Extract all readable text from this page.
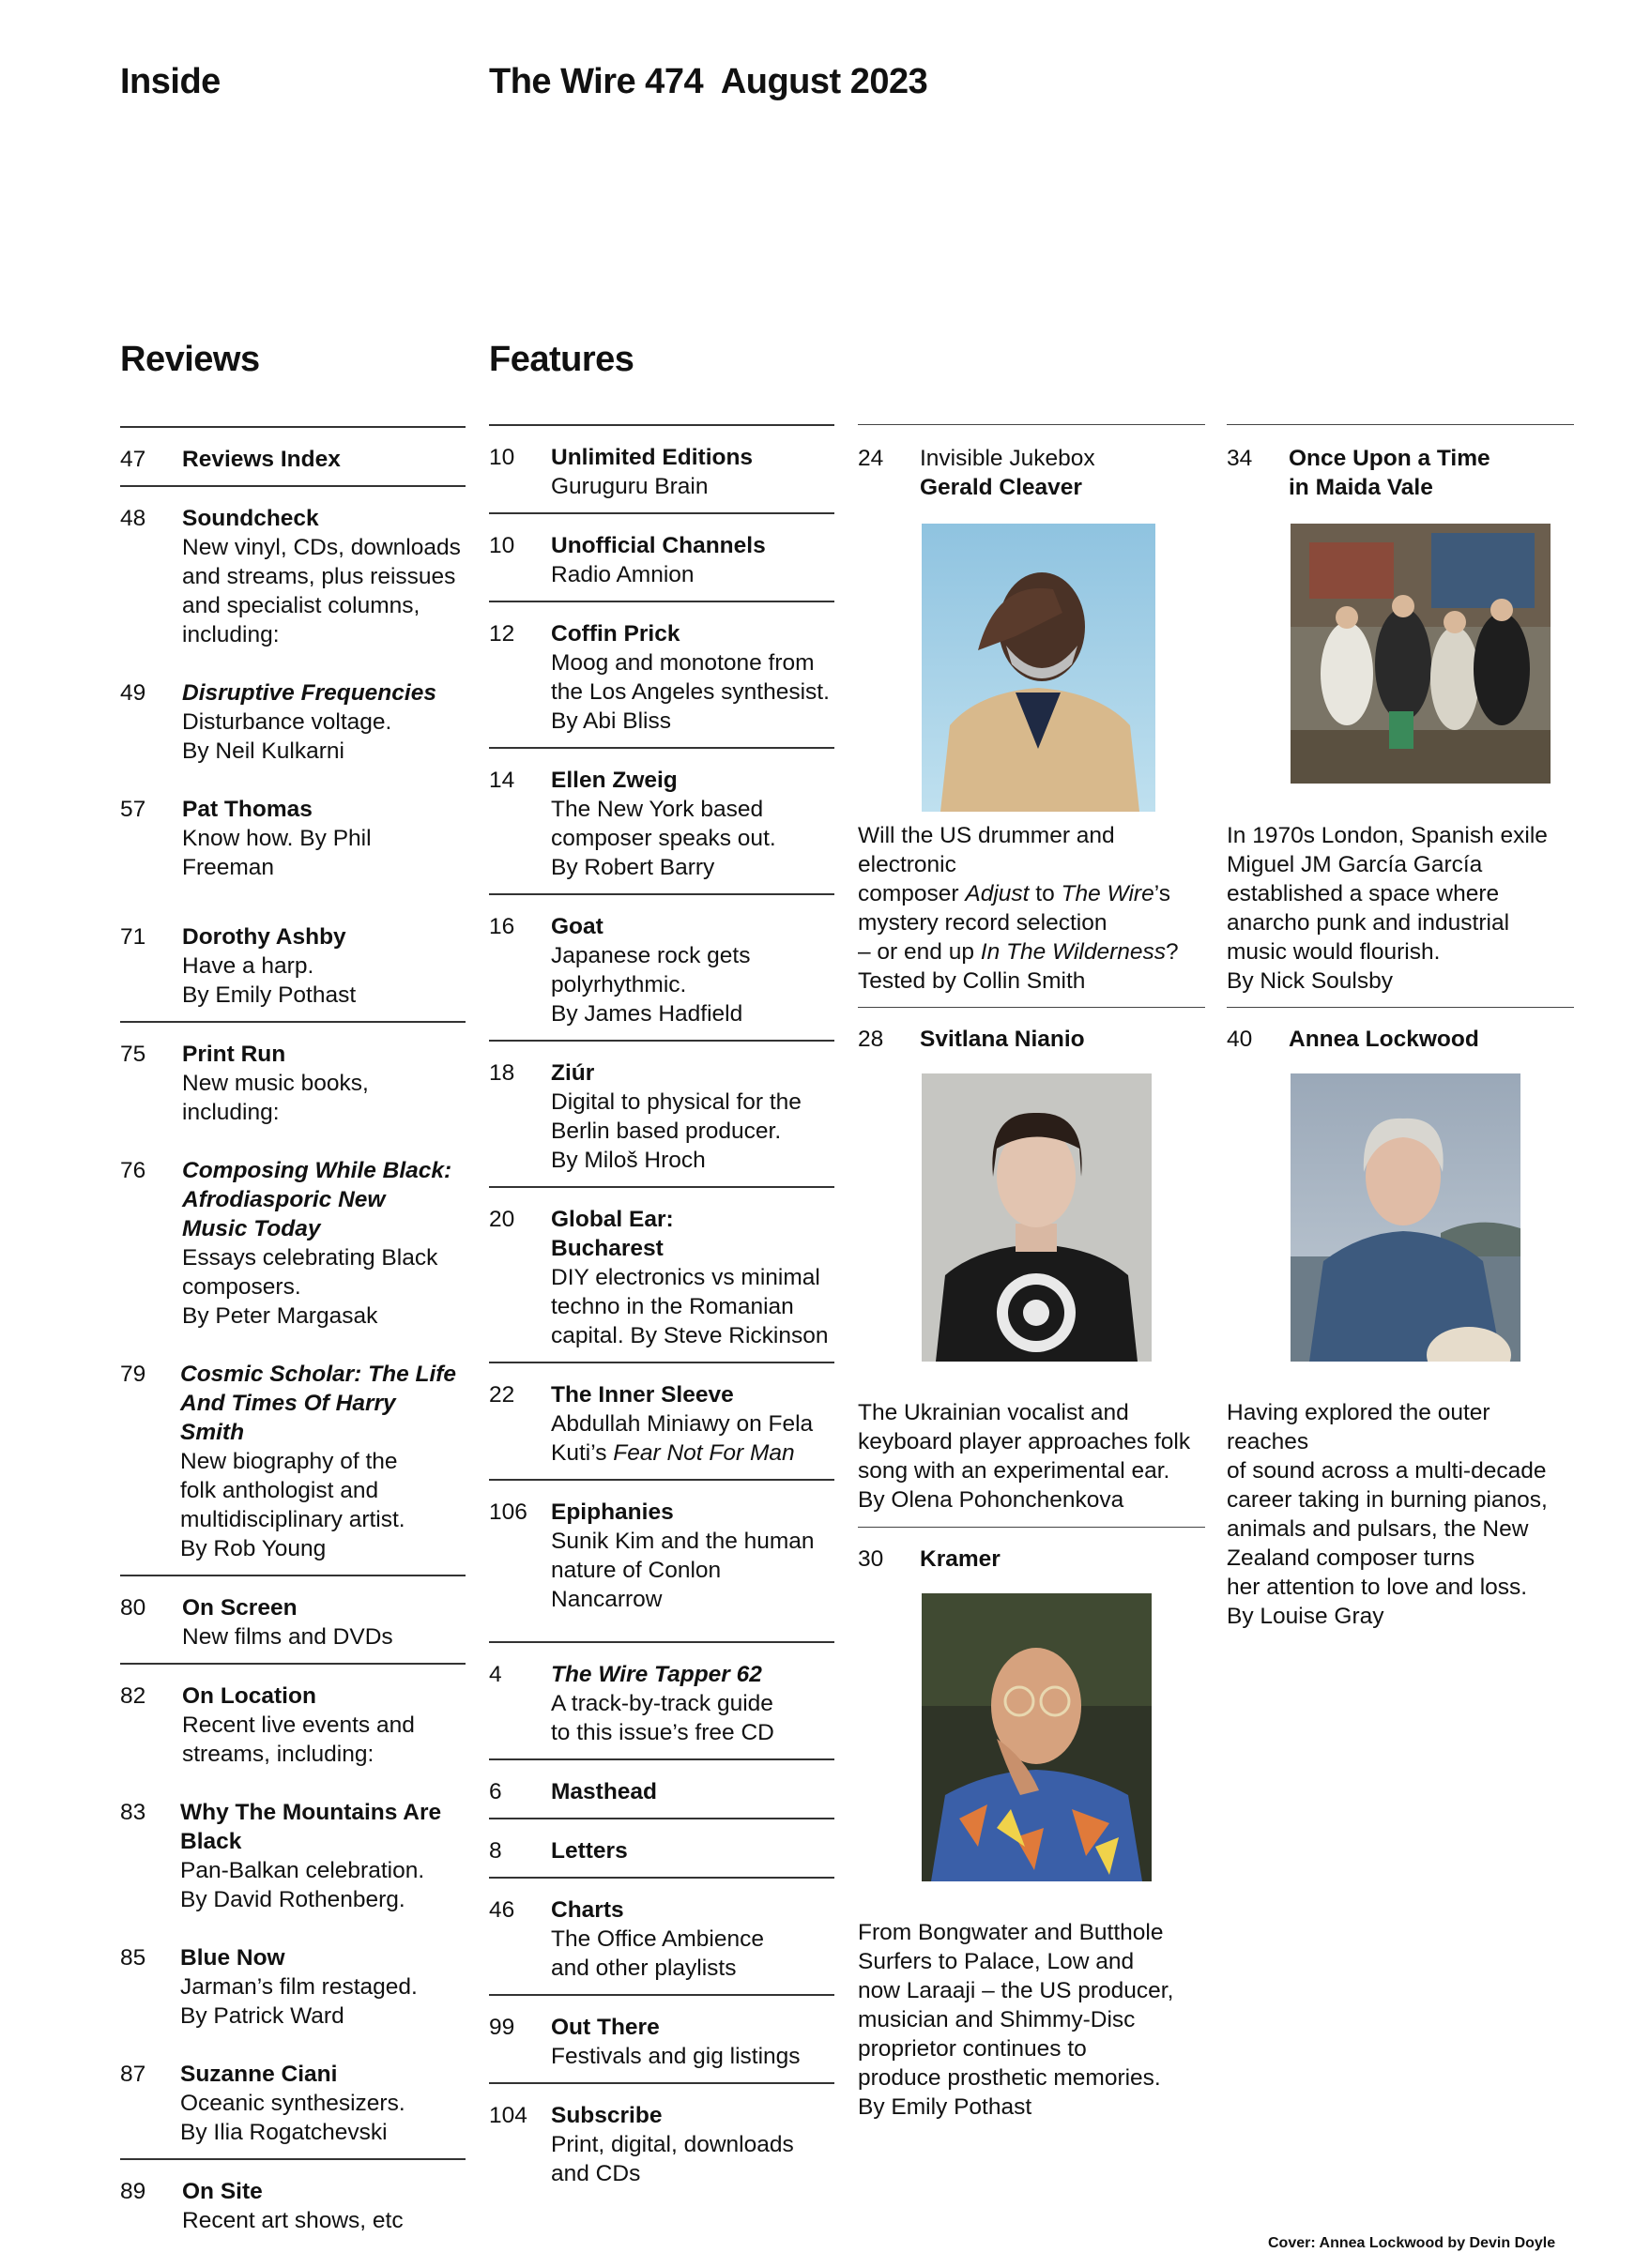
Inside	The Wire 474 August 2023
Reviews	Features
47 Reviews Index
48 Soundcheck
New vinyl, CDs, downloads
and streams, plus reissues
and specialist columns,
including:
49 Disruptive Frequencies
Disturbance voltage.
By Neil Kulkarni
57 Pat Thomas
Know how. By Phil Freeman
71 Dorothy Ashby
Have a harp.
By Emily Pothast
75 Print Run
New music books,
including:
76 Composing While Black:
Afrodiasporic New
Music Today
Essays celebrating Black
composers.
By Peter Margasak
79 Cosmic Scholar: The Life
And Times Of Harry Smith
New biography of the
folk anthologist and
multidisciplinary artist.
By Rob Young
80 On Screen
New films and DVDs
82 On Location
Recent live events and
streams, including:
83 Why The Mountains Are
Black
Pan-Balkan celebration.
By David Rothenberg.
85 Blue Now
Jarman’s film restaged.
By Patrick Ward
87 Suzanne Ciani
Oceanic synthesizers.
By Ilia Rogatchevski
89 On Site
Recent art shows, etc
10 Unlimited Editions
Guruguru Brain
10 Unofficial Channels
Radio Amnion
12 Coffin Prick
Moog and monotone from
the Los Angeles synthesist.
By Abi Bliss
14 Ellen Zweig
The New York based
composer speaks out.
By Robert Barry
16 Goat
Japanese rock gets
polyrhythmic.
By James Hadfield
18 Ziúr
Digital to physical for the
Berlin based producer.
By Miloš Hroch
20 Global Ear:
Bucharest
DIY electronics vs minimal
techno in the Romanian
capital. By Steve Rickinson
22 The Inner Sleeve
Abdullah Miniawy on Fela
Kuti’s Fear Not For Man
106 Epiphanies
Sunik Kim and the human
nature of Conlon Nancarrow
4 The Wire Tapper 62
A track-by-track guide
to this issue’s free CD
6 Masthead
8 Letters
46 Charts
The Office Ambience
and other playlists
99 Out There
Festivals and gig listings
104 Subscribe
Print, digital, downloads
and CDs
24 Invisible Jukebox
Gerald Cleaver
Will the US drummer and electronic
composer Adjust to The Wire’s
mystery record selection
– or end up In The Wilderness?
Tested by Collin Smith
28 Svitlana Nianio
The Ukrainian vocalist and
keyboard player approaches folk
song with an experimental ear.
By Olena Pohonchenkova
30 Kramer
From Bongwater and Butthole
Surfers to Palace, Low and
now Laraaji – the US producer,
musician and Shimmy-Disc
proprietor continues to
produce prosthetic memories.
By Emily Pothast
34 Once Upon a Time
in Maida Vale
In 1970s London, Spanish exile
Miguel JM García García
established a space where
anarcho punk and industrial
music would flourish.
By Nick Soulsby
40 Annea Lockwood
Having explored the outer reaches
of sound across a multi-decade
career taking in burning pianos,
animals and pulsars, the New
Zealand composer turns
her attention to love and loss.
By Louise Gray
Cover: Annea Lockwood by Devin Doyle
